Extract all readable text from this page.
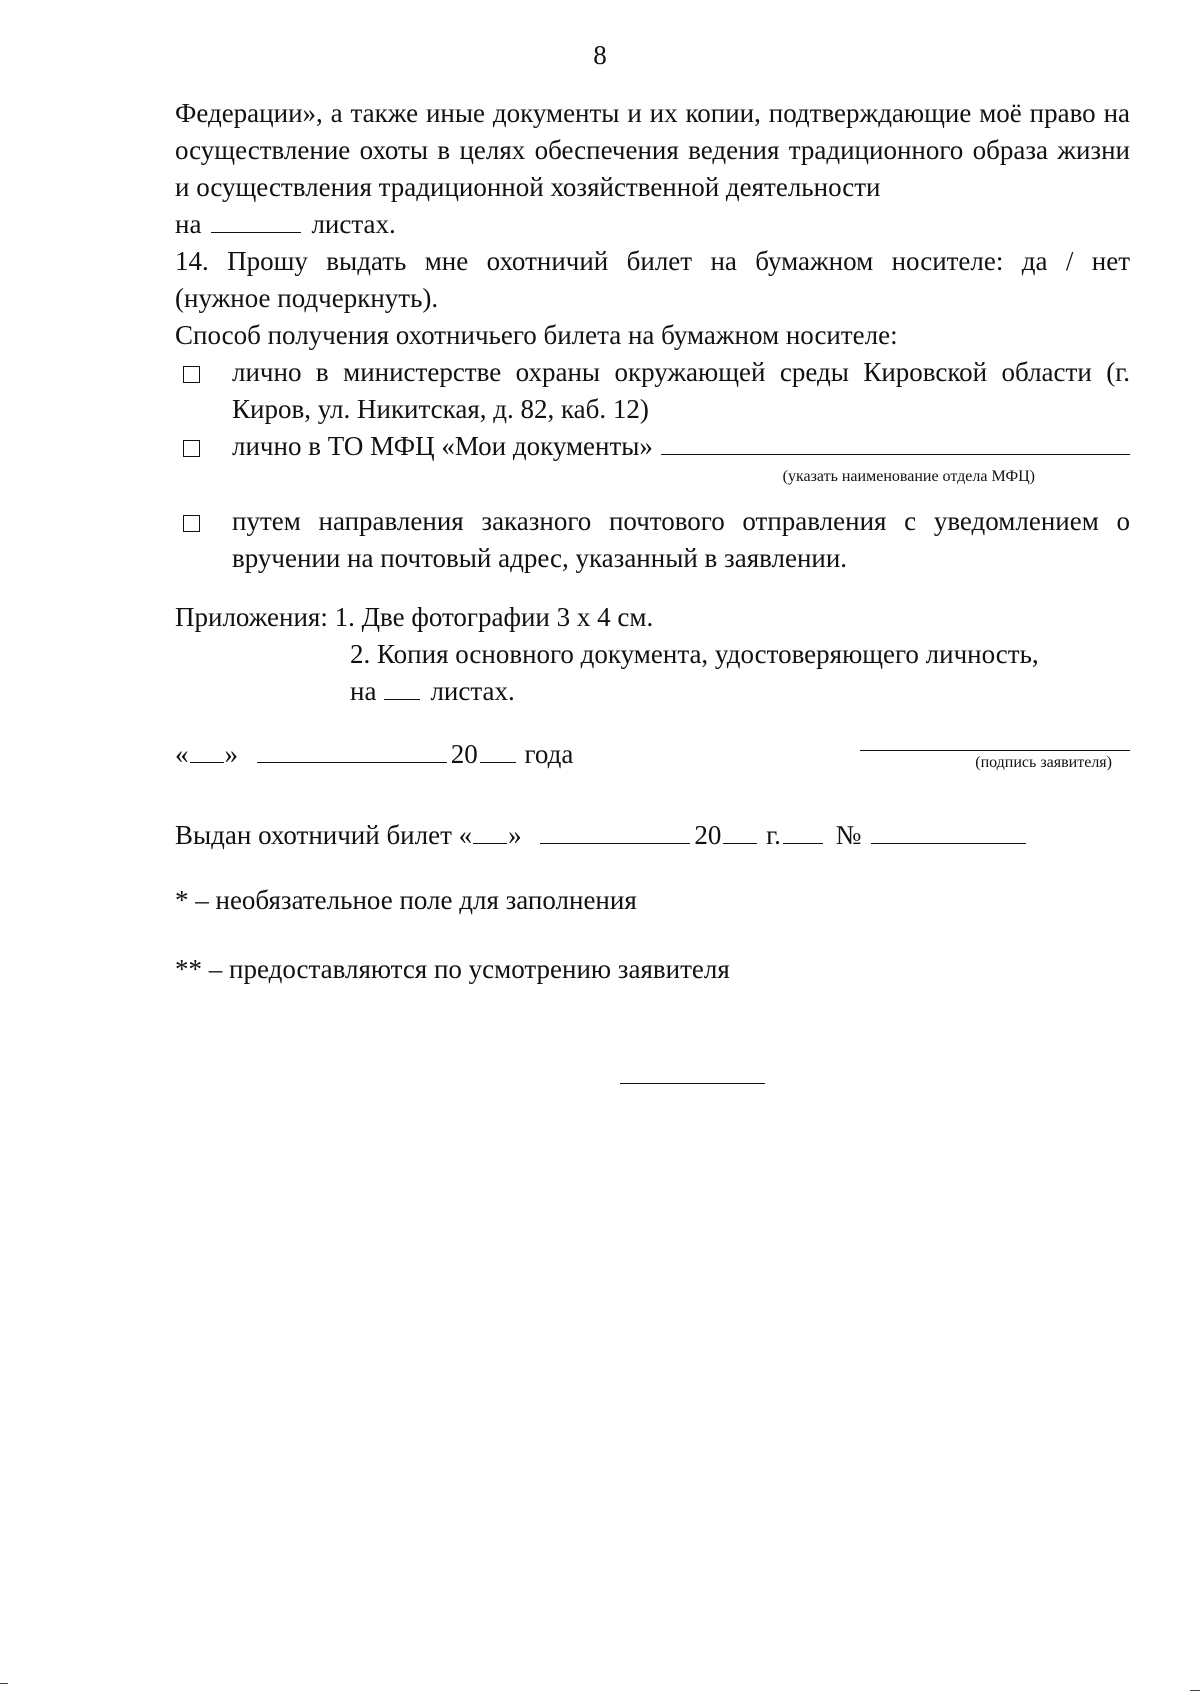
8

Федерации», а также иные документы и их копии, подтверждающие моё право на осуществление охоты в целях обеспечения ведения традиционного образа жизни и осуществления традиционной хозяйственной деятельности

на	листах.
14. Прошу выдать мне охотничий билет на бумажном носителе: да / нет
(нужное подчеркнуть).
Способ получения охотничьего билета на бумажном носителе:
лично в министерстве охраны окружающей среды Кировской области (г. Киров, ул. Никитская, д. 82, каб. 12)
лично в ТО МФЦ «Мои документы»
(указать наименование отдела МФЦ)
путем направления заказного почтового отправления с уведомлением о вручении на почтовый адрес, указанный в заявлении.
Приложения: 1. Две фотографии 3 х 4 см.
2. Копия основного документа, удостоверяющего личность,
на листах.
« »	20 года	(подпись заявителя)
Выдан охотничий билет « »	20 г. №
* – необязательное поле для заполнения
** – предоставляются по усмотрению заявителя
